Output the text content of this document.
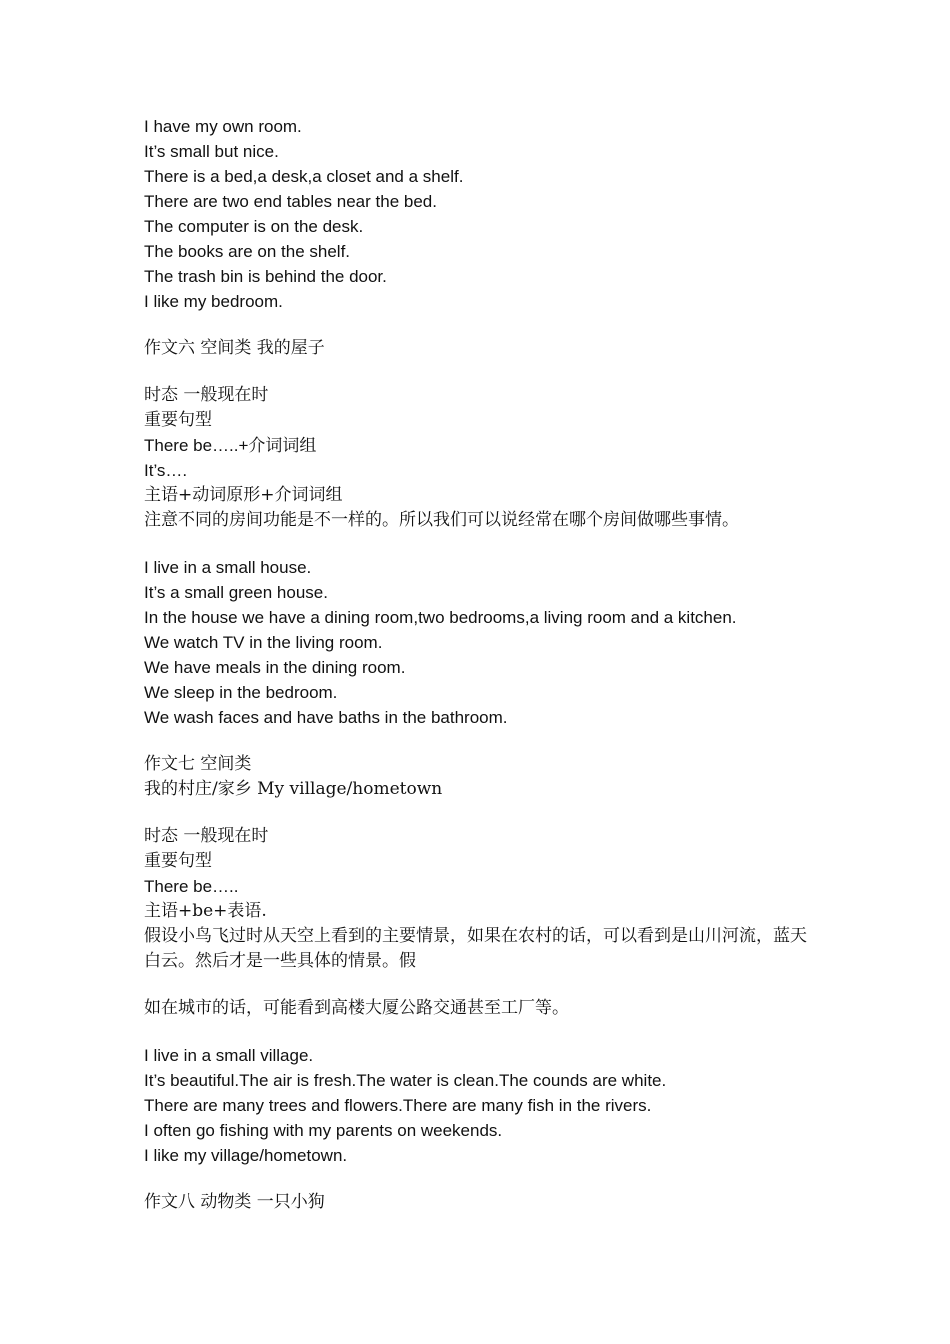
I have my own room.
It’s small but nice.
There is a bed,a desk,a closet and a shelf.
There are two end tables near the bed.
The computer is on the desk.
The books are on the shelf.
The trash bin is behind the door.
I like my bedroom.
作文六 空间类 我的屋子
时态 一般现在时
重要句型
There be…..+介词词组
It’s….
主语+动词原形+介词词组
注意不同的房间功能是不一样的。所以我们可以说经常在哪个房间做哪些事情。
I live in a small house.
It’s a small green house.
In the house we have a dining room,two bedrooms,a living room and a kitchen.
We watch TV in the living room.
We have meals in the dining room.
We sleep in the bedroom.
We wash faces and have baths in the bathroom.
作文七 空间类
我的村庄/家乡 My village/hometown
时态 一般现在时
重要句型
There be…..
主语+be+表语.
假设小鸟飞过时从天空上看到的主要情景，如果在农村的话，可以看到是山川河流，蓝天白云。然后才是一些具体的情景。假
如在城市的话，可能看到高楼大厦公路交通甚至工厂等。
I live in a small village.
It’s beautiful.The air is fresh.The water is clean.The counds are white.
There are many trees and flowers.There are many fish in the rivers.
I often go fishing with my parents on weekends.
I like my village/hometown.
作文八 动物类 一只小狗
